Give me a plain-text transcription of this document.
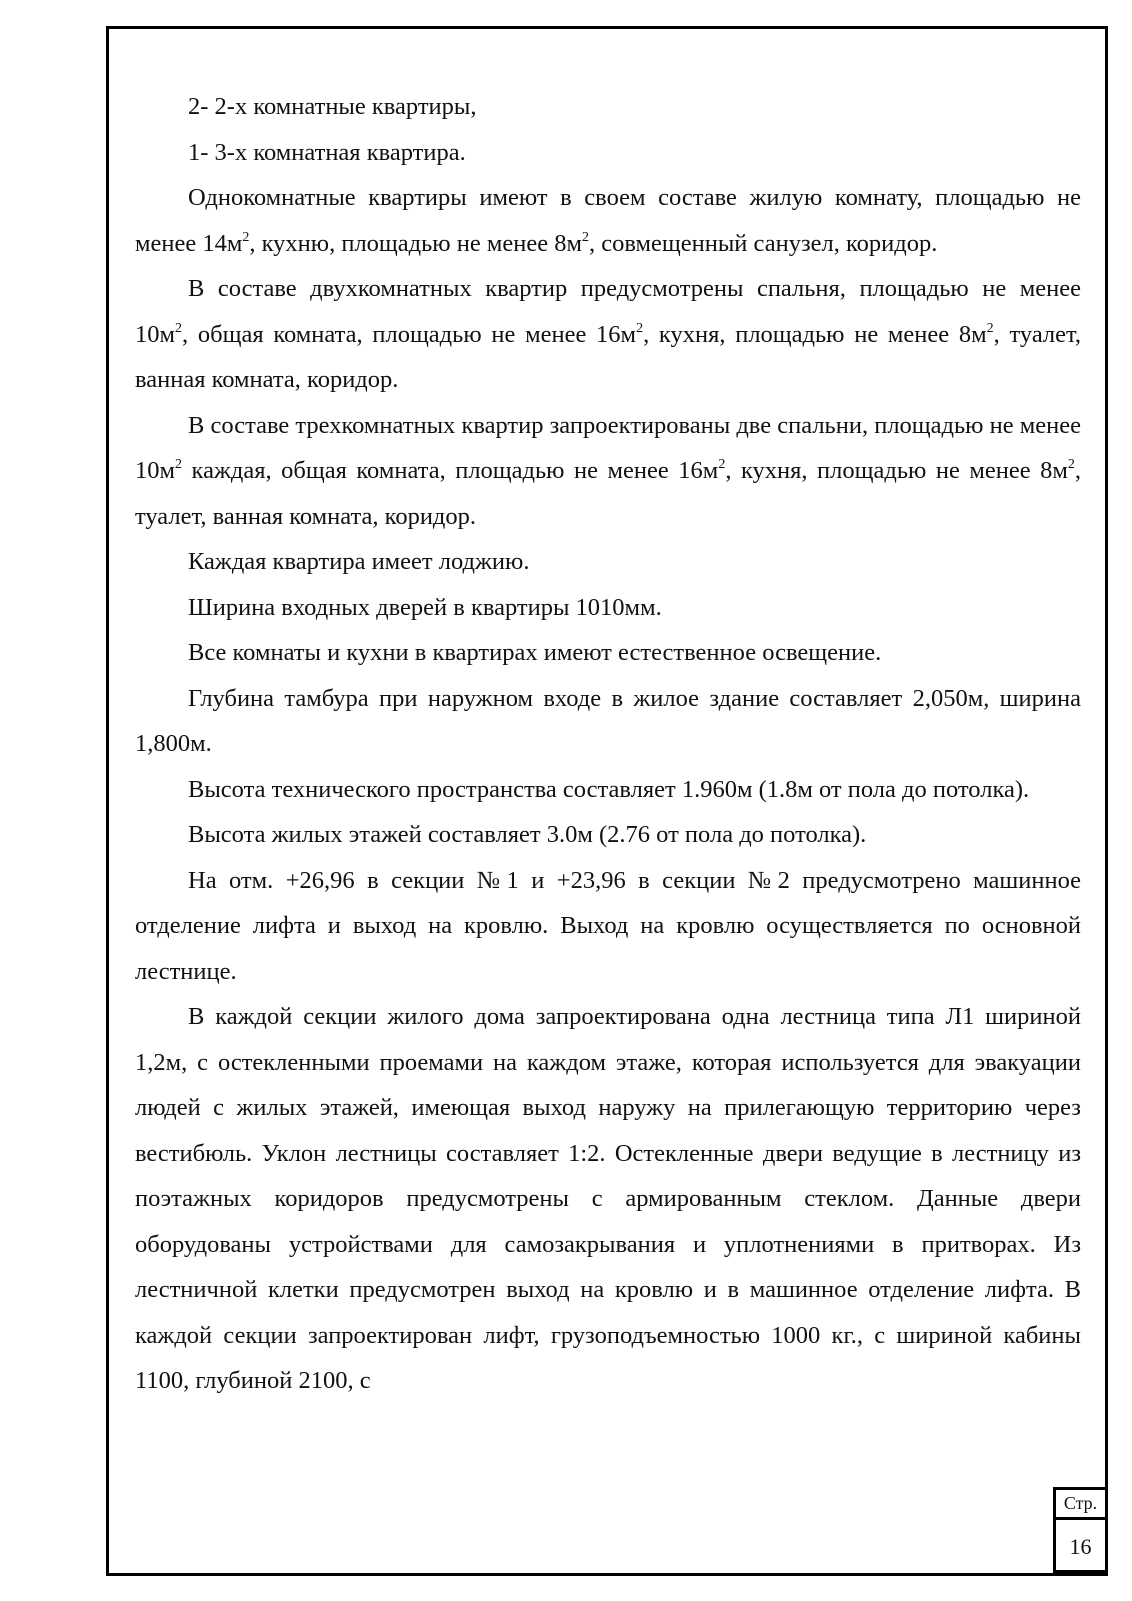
2- 2-х комнатные квартиры,

1- 3-х комнатная квартира.

Однокомнатные квартиры имеют в своем составе жилую комнату, площадью не менее $14м^2$, кухню, площадью не менее $8м^2$, совмещенный санузел, коридор.

В составе двухкомнатных квартир предусмотрены спальня, площадью не менее $10м^2$, общая комната, площадью не менее $16м^2$, кухня, площадью не менее $8м^2$, туалет, ванная комната, коридор.

В составе трехкомнатных квартир запроектированы две спальни, площадью не менее $10м^2$ каждая, общая комната, площадью не менее $16м^2$, кухня, площадью не менее $8м^2$, туалет, ванная комната, коридор.

Каждая квартира имеет лоджию.

Ширина входных дверей в квартиры 1010мм.

Все комнаты и кухни в квартирах имеют естественное освещение.

Глубина тамбура при наружном входе в жилое здание составляет 2,050м, ширина 1,800м.

Высота технического пространства составляет 1.960м (1.8м от пола до потолка).

Высота жилых этажей составляет 3.0м (2.76 от пола до потолка).

На отм. +26,96 в секции №1 и +23,96 в секции №2 предусмотрено машинное отделение лифта и выход на кровлю. Выход на кровлю осуществляется по основной лестнице.

В каждой секции жилого дома запроектирована одна лестница типа Л1 шириной 1,2м, с остекленными проемами на каждом этаже, которая используется для эвакуации людей с жилых этажей, имеющая выход наружу на прилегающую территорию через вестибюль. Уклон лестницы составляет 1:2. Остекленные двери ведущие в лестницу из поэтажных коридоров предусмотрены с армированным стеклом. Данные двери оборудованы устройствами для самозакрывания и уплотнениями в притворах. Из лестничной клетки предусмотрен выход на кровлю и в машинное отделение лифта. В каждой секции запроектирован лифт, грузоподъемностью 1000 кг., с шириной кабины 1100, глубиной 2100, с

Стр.
16
